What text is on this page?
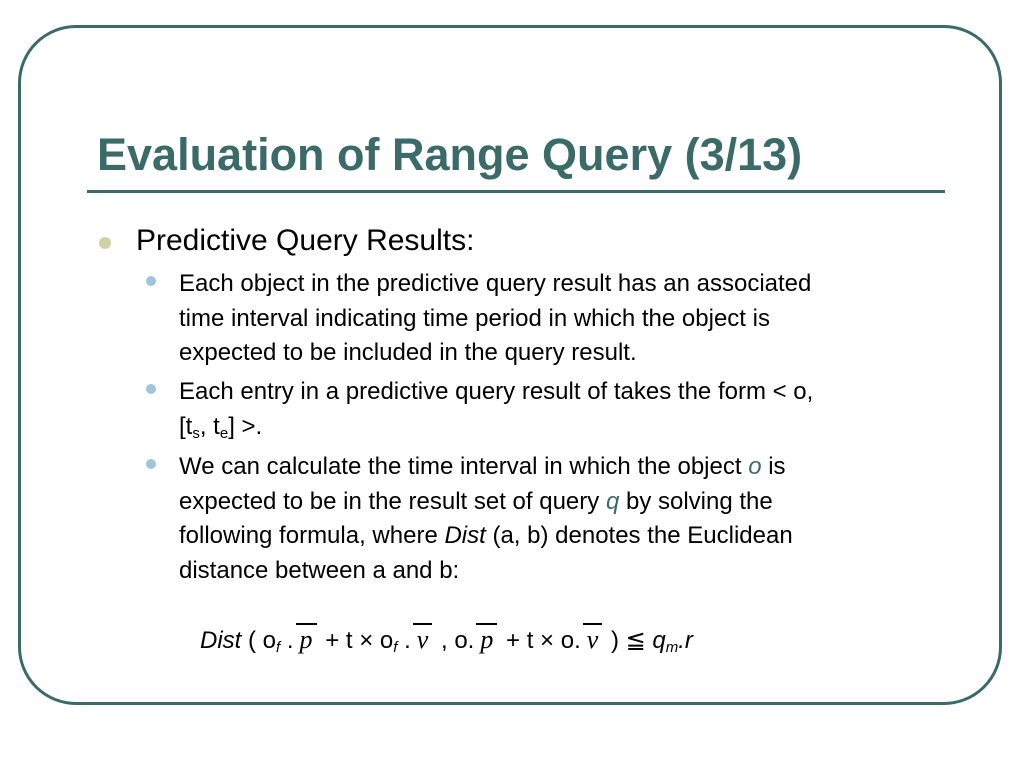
Evaluation of Range Query (3/13)
Predictive Query Results:
Each object in the predictive query result has an associated
time interval indicating time period in which the object is
expected to be included in the query result.
Each entry in a predictive query result of takes the form < o,
[$t_s$, $t_e$] >.
We can calculate the time interval in which the object o is
expected to be in the result set of query q by solving the
following formula, where Dist (a, b) denotes the Euclidean
distance between a and b:
Dist ( of . p + t × of . v , o. p + t × o. v ) ≦ qm.r
